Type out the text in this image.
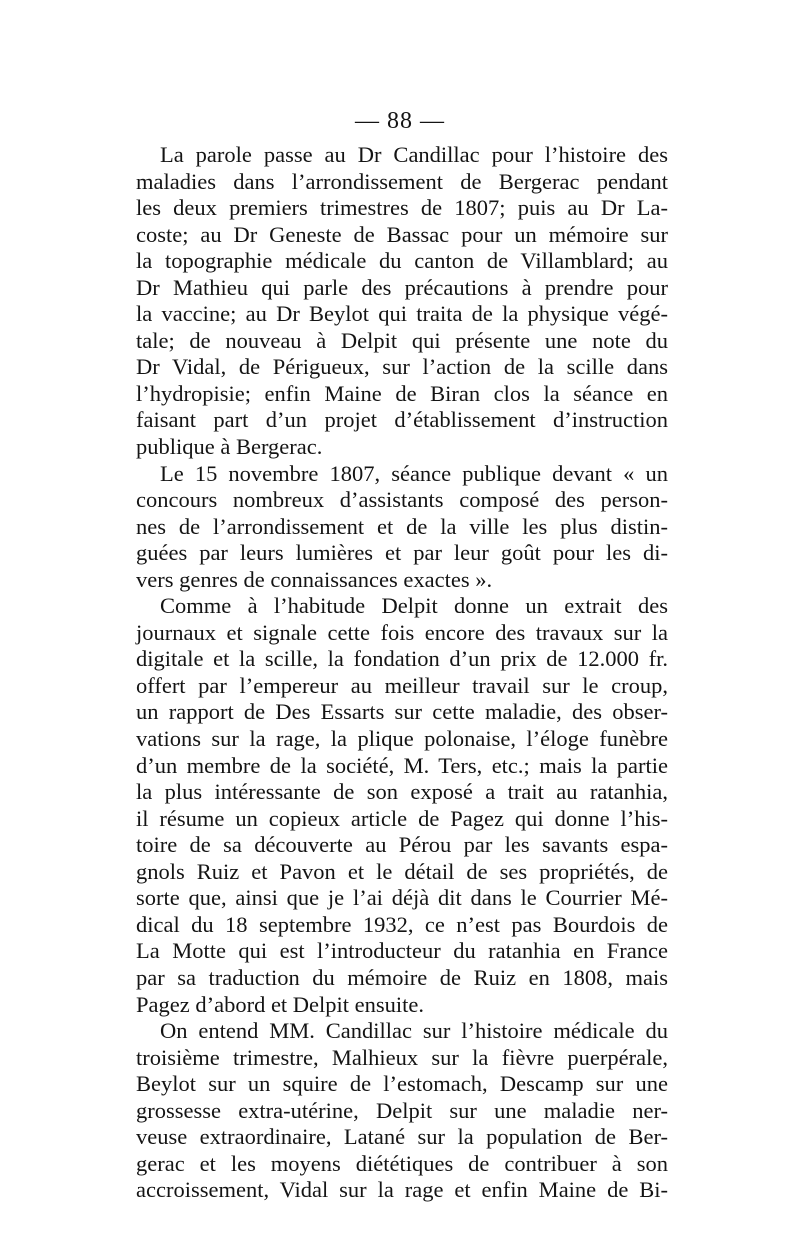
— 88 —
La parole passe au Dr Candillac pour l’histoire des
maladies dans l’arrondissement de Bergerac pendant
les deux premiers trimestres de 1807; puis au Dr La-
coste; au Dr Geneste de Bassac pour un mémoire sur
la topographie médicale du canton de Villamblard; au
Dr Mathieu qui parle des précautions à prendre pour
la vaccine; au Dr Beylot qui traita de la physique végé-
tale; de nouveau à Delpit qui présente une note du
Dr Vidal, de Périgueux, sur l’action de la scille dans
l’hydropisie; enfin Maine de Biran clos la séance en
faisant part d’un projet d’établissement d’instruction
publique à Bergerac.
Le 15 novembre 1807, séance publique devant « un
concours nombreux d’assistants composé des person-
nes de l’arrondissement et de la ville les plus distin-
guées par leurs lumières et par leur goût pour les di-
vers genres de connaissances exactes ».
Comme à l’habitude Delpit donne un extrait des
journaux et signale cette fois encore des travaux sur la
digitale et la scille, la fondation d’un prix de 12.000 fr.
offert par l’empereur au meilleur travail sur le croup,
un rapport de Des Essarts sur cette maladie, des obser-
vations sur la rage, la plique polonaise, l’éloge funèbre
d’un membre de la société, M. Ters, etc.; mais la partie
la plus intéressante de son exposé a trait au ratanhia,
il résume un copieux article de Pagez qui donne l’his-
toire de sa découverte au Pérou par les savants espa-
gnols Ruiz et Pavon et le détail de ses propriétés, de
sorte que, ainsi que je l’ai déjà dit dans le Courrier Mé-
dical du 18 septembre 1932, ce n’est pas Bourdois de
La Motte qui est l’introducteur du ratanhia en France
par sa traduction du mémoire de Ruiz en 1808, mais
Pagez d’abord et Delpit ensuite.
On entend MM. Candillac sur l’histoire médicale du
troisième trimestre, Malhieux sur la fièvre puerpérale,
Beylot sur un squire de l’estomach, Descamp sur une
grossesse extra-utérine, Delpit sur une maladie ner-
veuse extraordinaire, Latané sur la population de Ber-
gerac et les moyens diététiques de contribuer à son
accroissement, Vidal sur la rage et enfin Maine de Bi-
